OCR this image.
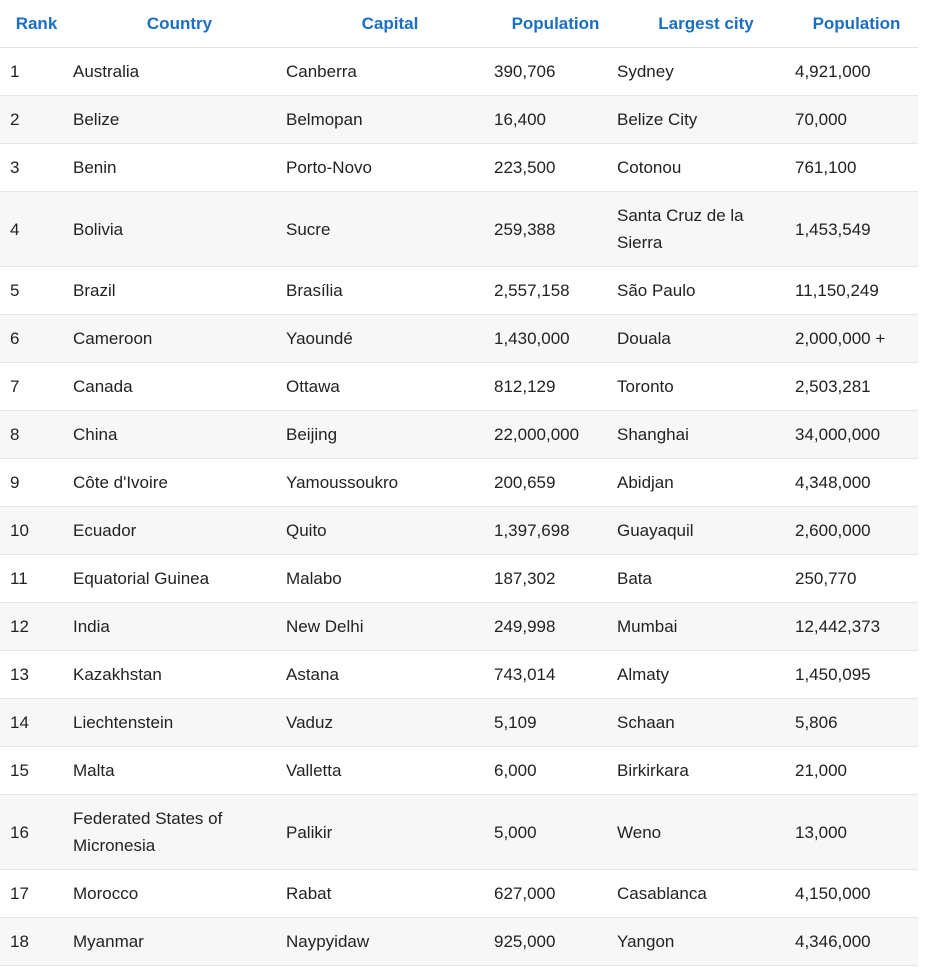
Rank	Country	Capital	Population	Largest city	Population
1	Australia	Canberra	390,706	Sydney	4,921,000
2	Belize	Belmopan	16,400	Belize City	70,000
3	Benin	Porto-Novo	223,500	Cotonou	761,100
4	Bolivia	Sucre	259,388	Santa Cruz de la Sierra	1,453,549
5	Brazil	Brasília	2,557,158	São Paulo	11,150,249
6	Cameroon	Yaoundé	1,430,000	Douala	2,000,000 +
7	Canada	Ottawa	812,129	Toronto	2,503,281
8	China	Beijing	22,000,000	Shanghai	34,000,000
9	Côte d'Ivoire	Yamoussoukro	200,659	Abidjan	4,348,000
10	Ecuador	Quito	1,397,698	Guayaquil	2,600,000
11	Equatorial Guinea	Malabo	187,302	Bata	250,770
12	India	New Delhi	249,998	Mumbai	12,442,373
13	Kazakhstan	Astana	743,014	Almaty	1,450,095
14	Liechtenstein	Vaduz	5,109	Schaan	5,806
15	Malta	Valletta	6,000	Birkirkara	21,000
16	Federated States of Micronesia	Palikir	5,000	Weno	13,000
17	Morocco	Rabat	627,000	Casablanca	4,150,000
18	Myanmar	Naypyidaw	925,000	Yangon	4,346,000
